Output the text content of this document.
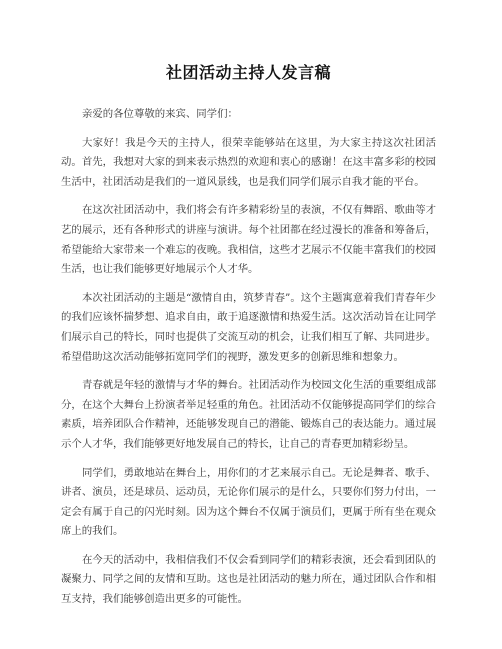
社团活动主持人发言稿

亲爱的各位尊敬的来宾、同学们：

大家好！我是今天的主持人，很荣幸能够站在这里，为大家主持这次社团活动。首先，我想对大家的到来表示热烈的欢迎和衷心的感谢！在这丰富多彩的校园生活中，社团活动是我们的一道风景线，也是我们同学们展示自我才能的平台。

在这次社团活动中，我们将会有许多精彩纷呈的表演，不仅有舞蹈、歌曲等才艺的展示，还有各种形式的讲座与演讲。每个社团都在经过漫长的准备和筹备后，希望能给大家带来一个难忘的夜晚。我相信，这些才艺展示不仅能丰富我们的校园生活，也让我们能够更好地展示个人才华。

本次社团活动的主题是“激情自由，筑梦青春”。这个主题寓意着我们青春年少的我们应该怀揣梦想、追求自由，敢于追逐激情和热爱生活。这次活动旨在让同学们展示自己的特长，同时也提供了交流互动的机会，让我们相互了解、共同进步。希望借助这次活动能够拓宽同学们的视野，激发更多的创新思维和想象力。

青春就是年轻的激情与才华的舞台。社团活动作为校园文化生活的重要组成部分，在这个大舞台上扮演者举足轻重的角色。社团活动不仅能够提高同学们的综合素质，培养团队合作精神，还能够发现自己的潜能、锻炼自己的表达能力。通过展示个人才华，我们能够更好地发展自己的特长，让自己的青春更加精彩纷呈。

同学们，勇敢地站在舞台上，用你们的才艺来展示自己。无论是舞者、歌手、讲者、演员，还是球员、运动员，无论你们展示的是什么，只要你们努力付出，一定会有属于自己的闪光时刻。因为这个舞台不仅属于演员们，更属于所有坐在观众席上的我们。

在今天的活动中，我相信我们不仅会看到同学们的精彩表演，还会看到团队的凝聚力、同学之间的友情和互助。这也是社团活动的魅力所在，通过团队合作和相互支持，我们能够创造出更多的可能性。
